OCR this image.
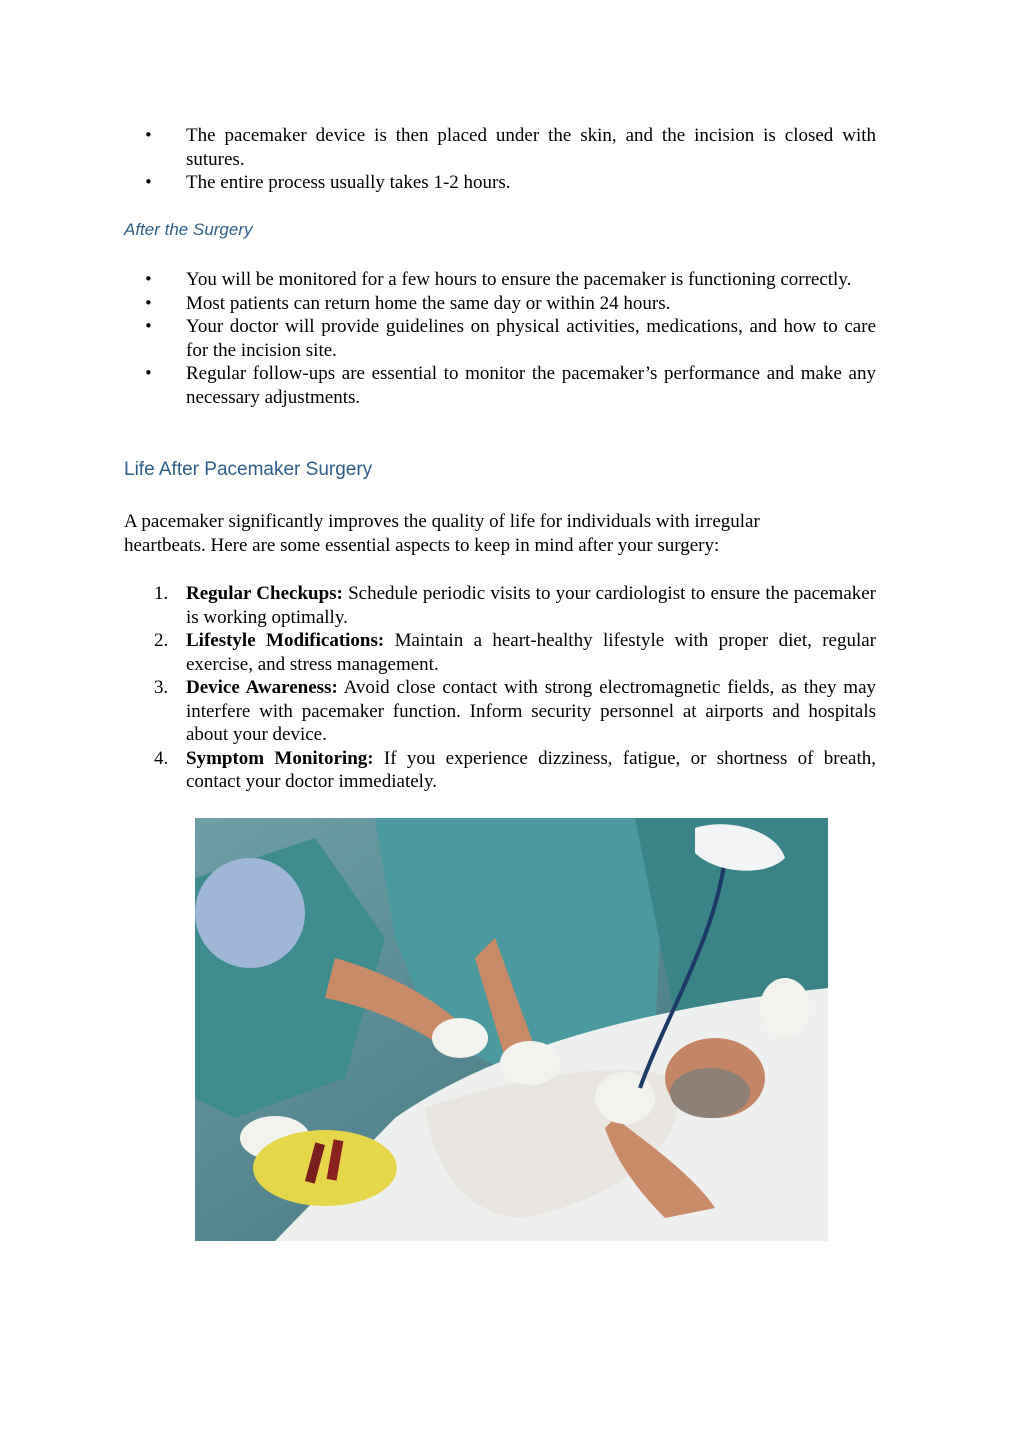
• The pacemaker device is then placed under the skin, and the incision is closed with sutures.
• The entire process usually takes 1-2 hours.
After the Surgery
• You will be monitored for a few hours to ensure the pacemaker is functioning correctly.
• Most patients can return home the same day or within 24 hours.
• Your doctor will provide guidelines on physical activities, medications, and how to care for the incision site.
• Regular follow-ups are essential to monitor the pacemaker’s performance and make any necessary adjustments.
Life After Pacemaker Surgery
A pacemaker significantly improves the quality of life for individuals with irregular heartbeats. Here are some essential aspects to keep in mind after your surgery:
1. Regular Checkups: Schedule periodic visits to your cardiologist to ensure the pacemaker is working optimally.
2. Lifestyle Modifications: Maintain a heart-healthy lifestyle with proper diet, regular exercise, and stress management.
3. Device Awareness: Avoid close contact with strong electromagnetic fields, as they may interfere with pacemaker function. Inform security personnel at airports and hospitals about your device.
4. Symptom Monitoring: If you experience dizziness, fatigue, or shortness of breath, contact your doctor immediately.
